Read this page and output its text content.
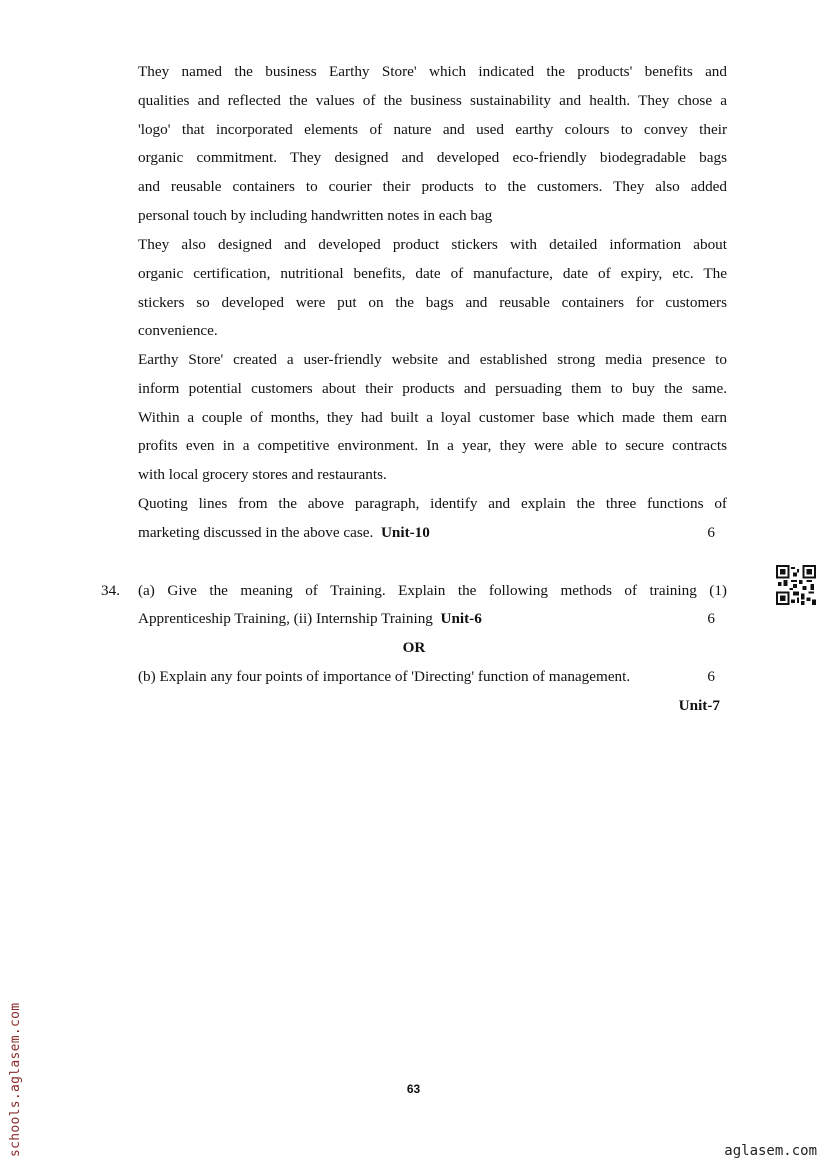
They named the business Earthy Store' which indicated the products' benefits and
qualities and reflected the values of the business sustainability and health. They chose a
'logo' that incorporated elements of nature and used earthy colours to convey their
organic commitment. They designed and developed eco-friendly biodegradable bags
and reusable containers to courier their products to the customers. They also added
personal touch by including handwritten notes in each bag
They also designed and developed product stickers with detailed information about
organic certification, nutritional benefits, date of manufacture, date of expiry, etc. The
stickers so developed were put on the bags and reusable containers for customers
convenience.
Earthy Store' created a user-friendly website and established strong media presence to
inform potential customers about their products and persuading them to buy the same.
Within a couple of months, they had built a loyal customer base which made them earn
profits even in a competitive environment. In a year, they were able to secure contracts
with local grocery stores and restaurants.
Quoting lines from the above paragraph, identify and explain the three functions of
marketing discussed in the above case. Unit-10	6
34. (a) Give the meaning of Training. Explain the following methods of training (1)
Apprenticeship Training, (ii) Internship Training Unit-6	6
OR
(b) Explain any four points of importance of 'Directing' function of management.	6
Unit-7
63
schools.aglasem.com	aglasem.com
